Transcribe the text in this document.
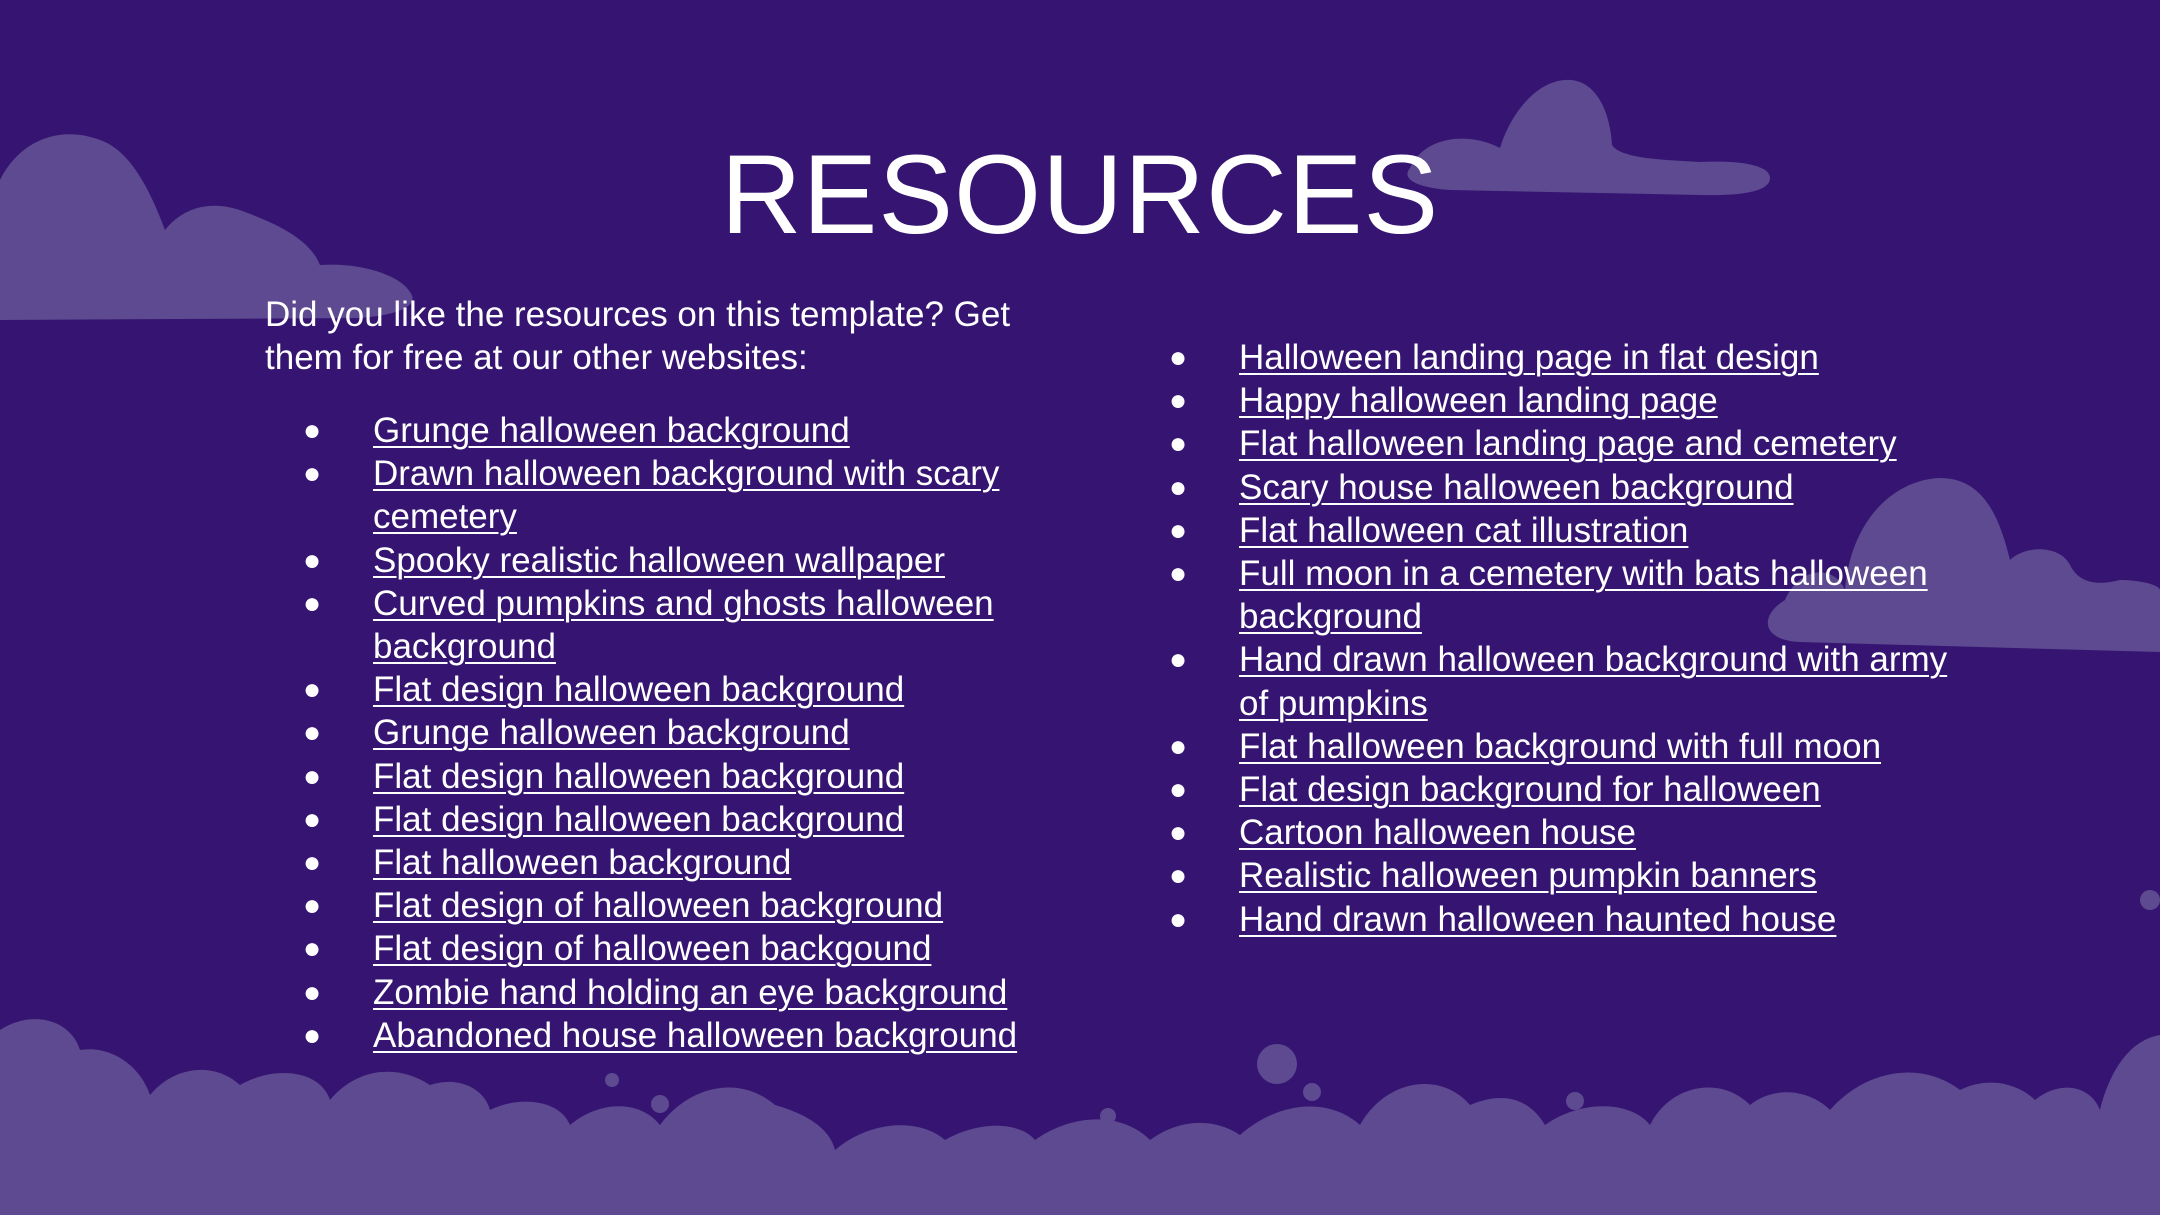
RESOURCES

Did you like the resources on this template? Get them for free at our other websites:

● Grunge halloween background
● Drawn halloween background with scary cemetery
● Spooky realistic halloween wallpaper
● Curved pumpkins and ghosts halloween background
● Flat design halloween background
● Grunge halloween background
● Flat design halloween background
● Flat design halloween background
● Flat halloween background
● Flat design of halloween background
● Flat design of halloween backgound
● Zombie hand holding an eye background
● Abandoned house halloween background
● Halloween landing page in flat design
● Happy halloween landing page
● Flat halloween landing page and cemetery
● Scary house halloween background
● Flat halloween cat illustration
● Full moon in a cemetery with bats halloween background
● Hand drawn halloween background with army of pumpkins
● Flat halloween background with full moon
● Flat design background for halloween
● Cartoon halloween house
● Realistic halloween pumpkin banners
● Hand drawn halloween haunted house
